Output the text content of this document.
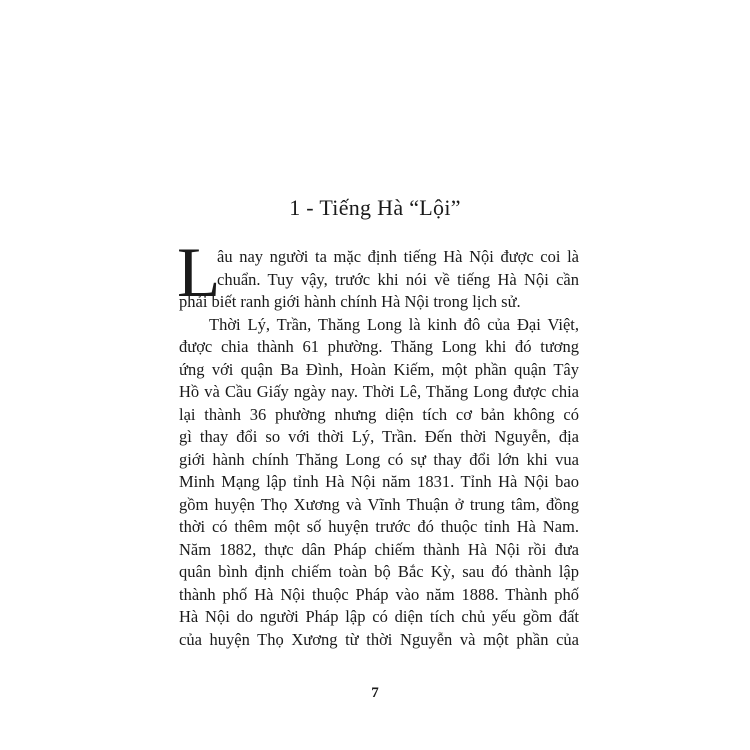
1 - Tiếng Hà “Lội”
L
âu nay người ta mặc định tiếng Hà Nội được coi là
chuẩn. Tuy vậy, trước khi nói về tiếng Hà Nội cần
phải biết ranh giới hành chính Hà Nội trong lịch sử.
Thời Lý, Trần, Thăng Long là kinh đô của Đại Việt,
được chia thành 61 phường. Thăng Long khi đó tương
ứng với quận Ba Đình, Hoàn Kiếm, một phần quận Tây
Hồ và Cầu Giấy ngày nay. Thời Lê, Thăng Long được chia
lại thành 36 phường nhưng diện tích cơ bản không có
gì thay đổi so với thời Lý, Trần. Đến thời Nguyễn, địa
giới hành chính Thăng Long có sự thay đổi lớn khi vua
Minh Mạng lập tỉnh Hà Nội năm 1831. Tỉnh Hà Nội bao
gồm huyện Thọ Xương và Vĩnh Thuận ở trung tâm, đồng
thời có thêm một số huyện trước đó thuộc tỉnh Hà Nam.
Năm 1882, thực dân Pháp chiếm thành Hà Nội rồi đưa
quân bình định chiếm toàn bộ Bắc Kỳ, sau đó thành lập
thành phố Hà Nội thuộc Pháp vào năm 1888. Thành phố
Hà Nội do người Pháp lập có diện tích chủ yếu gồm đất
của huyện Thọ Xương từ thời Nguyễn và một phần của
7
